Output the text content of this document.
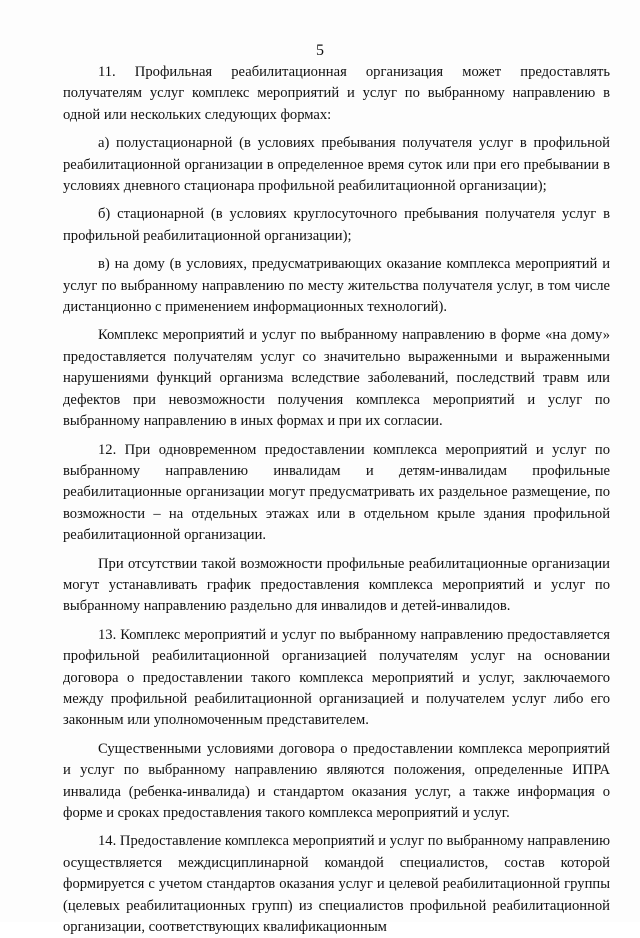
5

11. Профильная реабилитационная организация может предоставлять получателям услуг комплекс мероприятий и услуг по выбранному направлению в одной или нескольких следующих формах:

а) полустационарной (в условиях пребывания получателя услуг в профильной реабилитационной организации в определенное время суток или при его пребывании в условиях дневного стационара профильной реабилитационной организации);

б) стационарной (в условиях круглосуточного пребывания получателя услуг в профильной реабилитационной организации);

в) на дому (в условиях, предусматривающих оказание комплекса мероприятий и услуг по выбранному направлению по месту жительства получателя услуг, в том числе дистанционно с применением информационных технологий).

Комплекс мероприятий и услуг по выбранному направлению в форме «на дому» предоставляется получателям услуг со значительно выраженными и выраженными нарушениями функций организма вследствие заболеваний, последствий травм или дефектов при невозможности получения комплекса мероприятий и услуг по выбранному направлению в иных формах и при их согласии.

12. При одновременном предоставлении комплекса мероприятий и услуг по выбранному направлению инвалидам и детям-инвалидам профильные реабилитационные организации могут предусматривать их раздельное размещение, по возможности – на отдельных этажах или в отдельном крыле здания профильной реабилитационной организации.

При отсутствии такой возможности профильные реабилитационные организации могут устанавливать график предоставления комплекса мероприятий и услуг по выбранному направлению раздельно для инвалидов и детей-инвалидов.

13. Комплекс мероприятий и услуг по выбранному направлению предоставляется профильной реабилитационной организацией получателям услуг на основании договора о предоставлении такого комплекса мероприятий и услуг, заключаемого между профильной реабилитационной организацией и получателем услуг либо его законным или уполномоченным представителем.

Существенными условиями договора о предоставлении комплекса мероприятий и услуг по выбранному направлению являются положения, определенные ИПРА инвалида (ребенка-инвалида) и стандартом оказания услуг, а также информация о форме и сроках предоставления такого комплекса мероприятий и услуг.

14. Предоставление комплекса мероприятий и услуг по выбранному направлению осуществляется междисциплинарной командой специалистов, состав которой формируется с учетом стандартов оказания услуг и целевой реабилитационной группы (целевых реабилитационных групп) из специалистов профильной реабилитационной организации, соответствующих квалификационным
